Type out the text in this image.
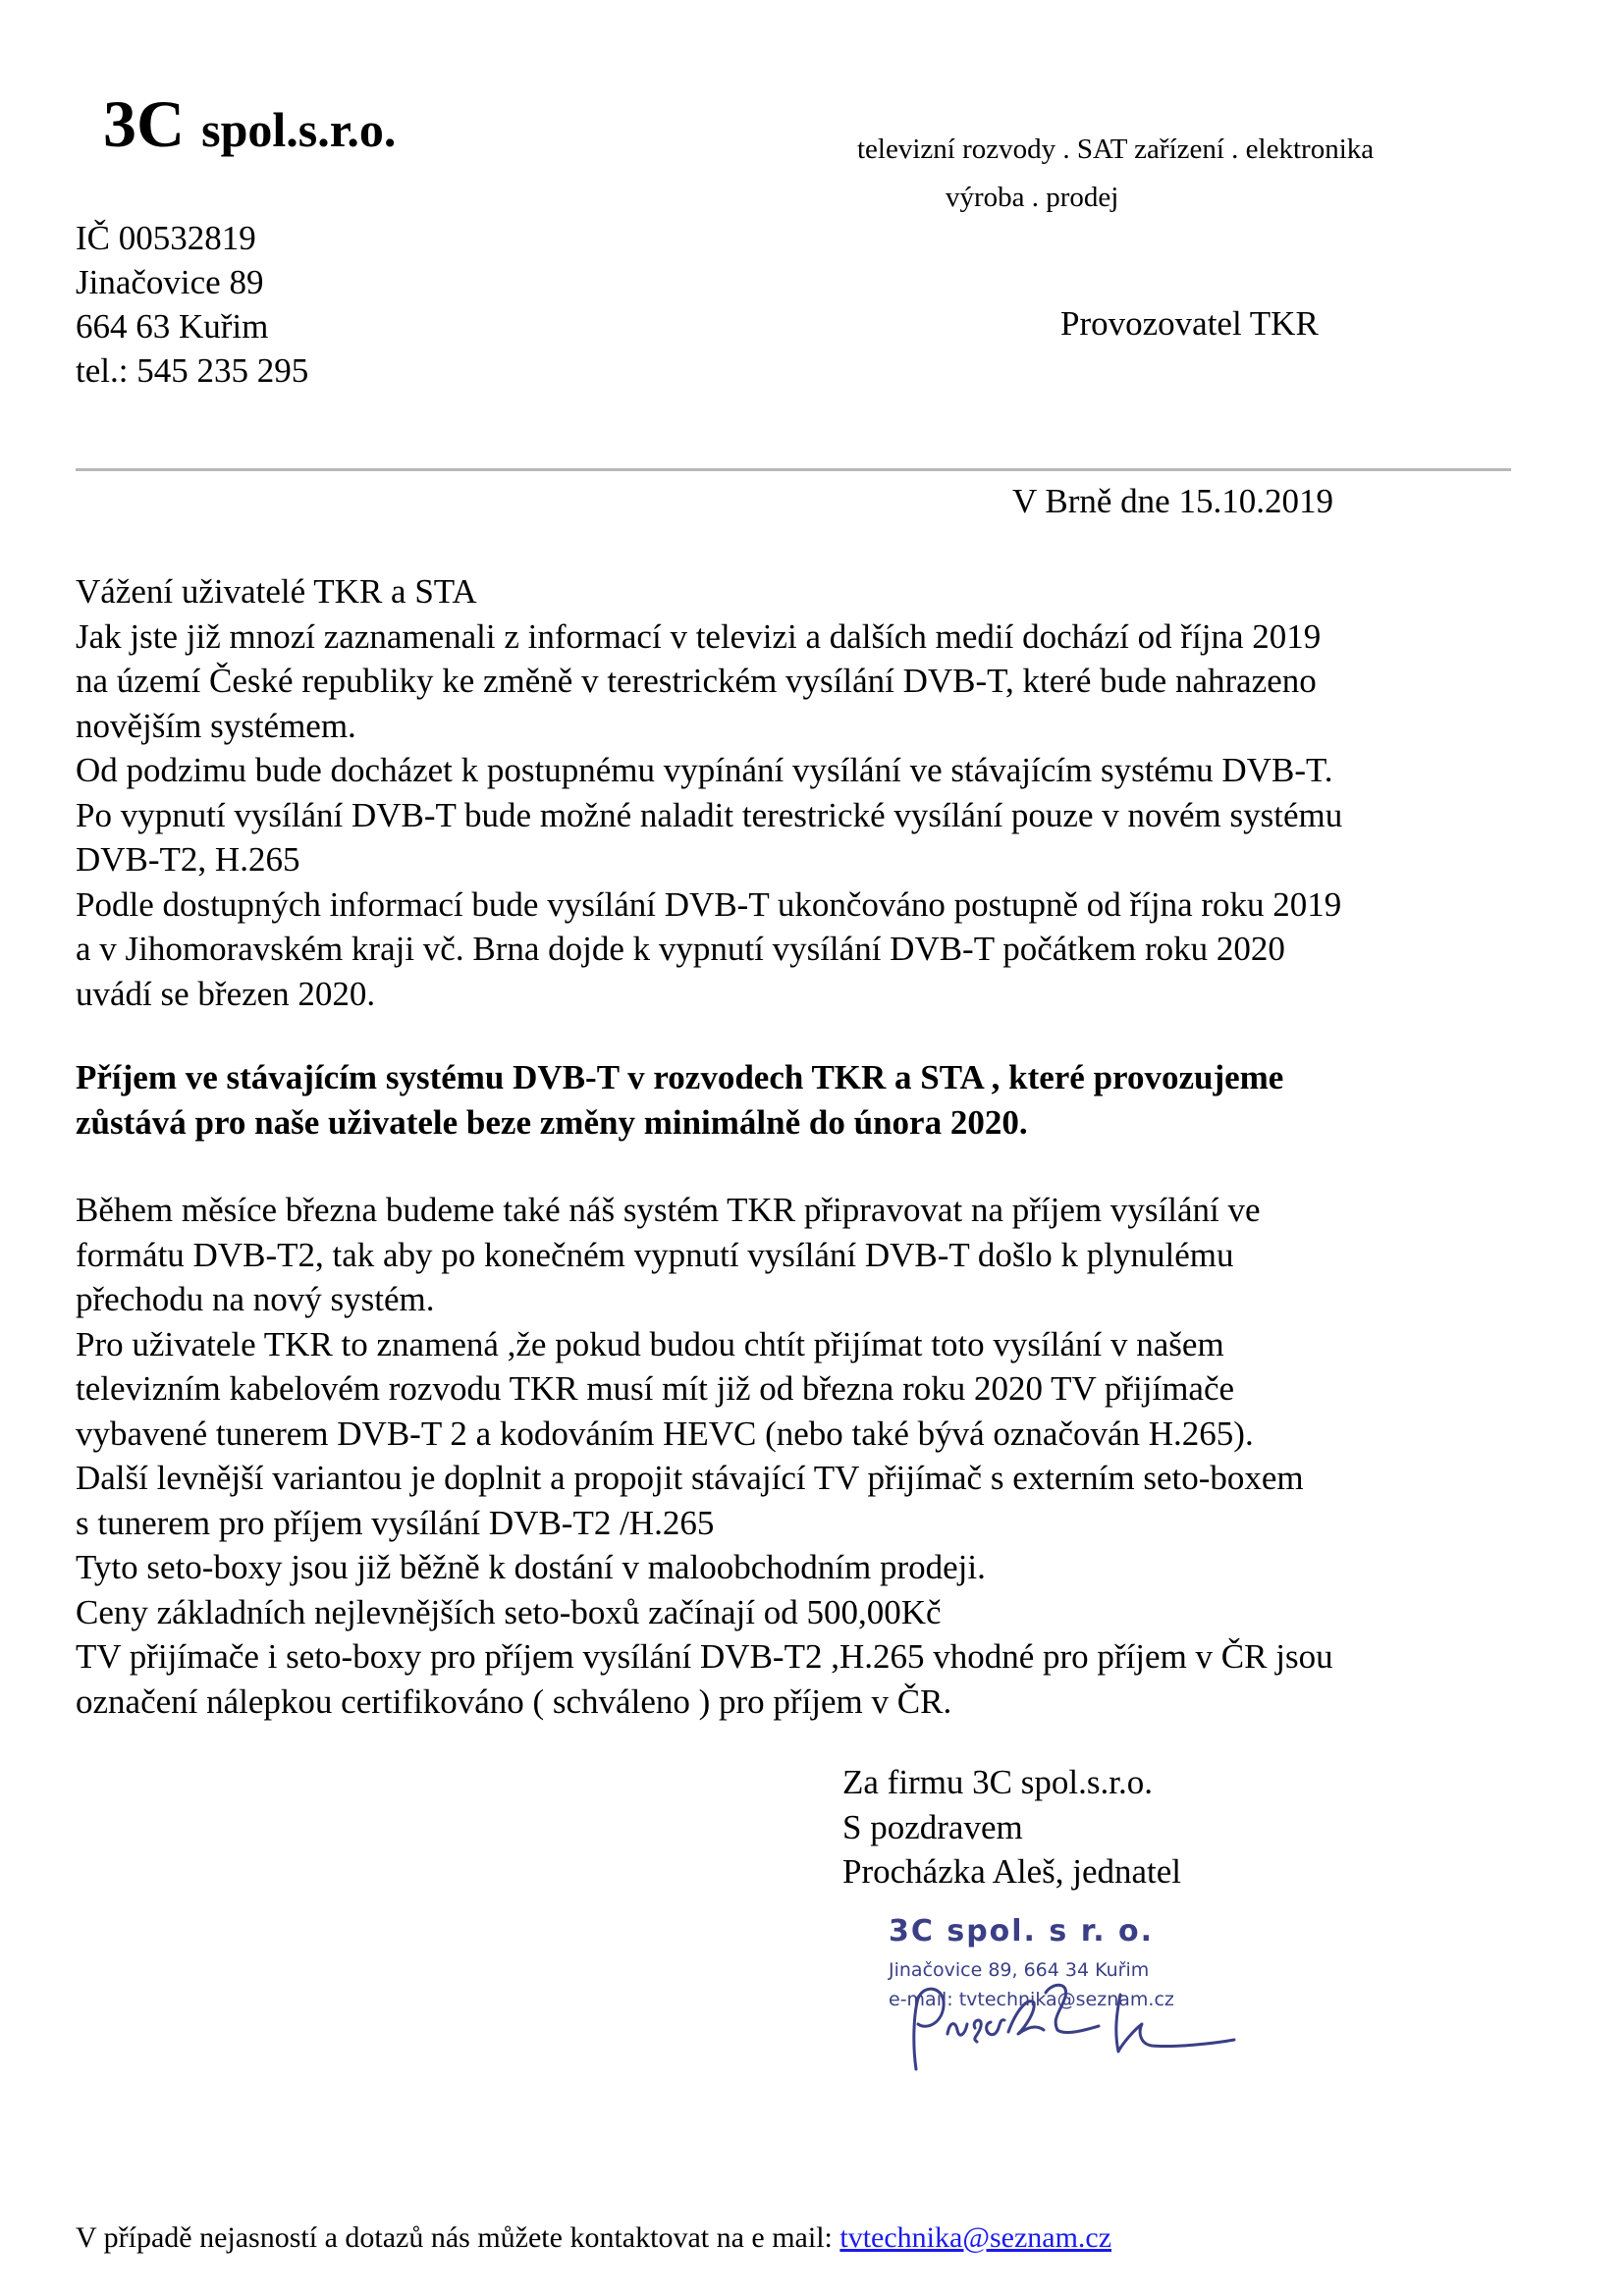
3C spol.s.r.o.	televizní rozvody . SAT zařízení . elektronika
výroba . prodej
IČ 00532819
Jinačovice 89
664 63 Kuřim
tel.: 545 235 295
Provozovatel TKR
V Brně dne 15.10.2019
Vážení uživatelé TKR a STA
Jak jste již mnozí zaznamenali z informací v televizi a dalších medií dochází od října 2019
na území České republiky ke změně v terestrickém vysílání DVB-T, které bude nahrazeno
novějším systémem.
Od podzimu bude docházet k postupnému vypínání vysílání ve stávajícím systému DVB-T.
Po vypnutí vysílání DVB-T bude možné naladit terestrické vysílání pouze v novém systému
DVB-T2, H.265
Podle dostupných informací bude vysílání DVB-T ukončováno postupně od října roku 2019
a v Jihomoravském kraji vč. Brna dojde k vypnutí vysílání DVB-T počátkem roku 2020
uvádí se březen 2020.
Příjem ve stávajícím systému DVB-T v rozvodech TKR a STA , které provozujeme
zůstává pro naše uživatele beze změny minimálně do února 2020.
Během měsíce března budeme také náš systém TKR připravovat na příjem vysílání ve
formátu DVB-T2, tak aby po konečném vypnutí vysílání DVB-T došlo k plynulému
přechodu na nový systém.
Pro uživatele TKR to znamená ,že pokud budou chtít přijímat toto vysílání v našem
televizním kabelovém rozvodu TKR musí mít již od března roku 2020 TV přijímače
vybavené tunerem DVB-T 2 a kodováním HEVC (nebo také bývá označován H.265).
Další levnější variantou je doplnit a propojit stávající TV přijímač s externím seto-boxem
s tunerem pro příjem vysílání DVB-T2 /H.265
Tyto seto-boxy jsou již běžně k dostání v maloobchodním prodeji.
Ceny základních nejlevnějších seto-boxů začínají od 500,00Kč
TV přijímače i seto-boxy pro příjem vysílání DVB-T2 ,H.265 vhodné pro příjem v ČR jsou
označení nálepkou certifikováno ( schváleno ) pro příjem v ČR.
Za firmu 3C spol.s.r.o.
S pozdravem
Procházka Aleš, jednatel
3C spol. s r. o.
Jinačovice 89, 664 34 Kuřim
e-mail: tvtechnika@seznam.cz
V případě nejasností a dotazů nás můžete kontaktovat na e mail: tvtechnika@seznam.cz
